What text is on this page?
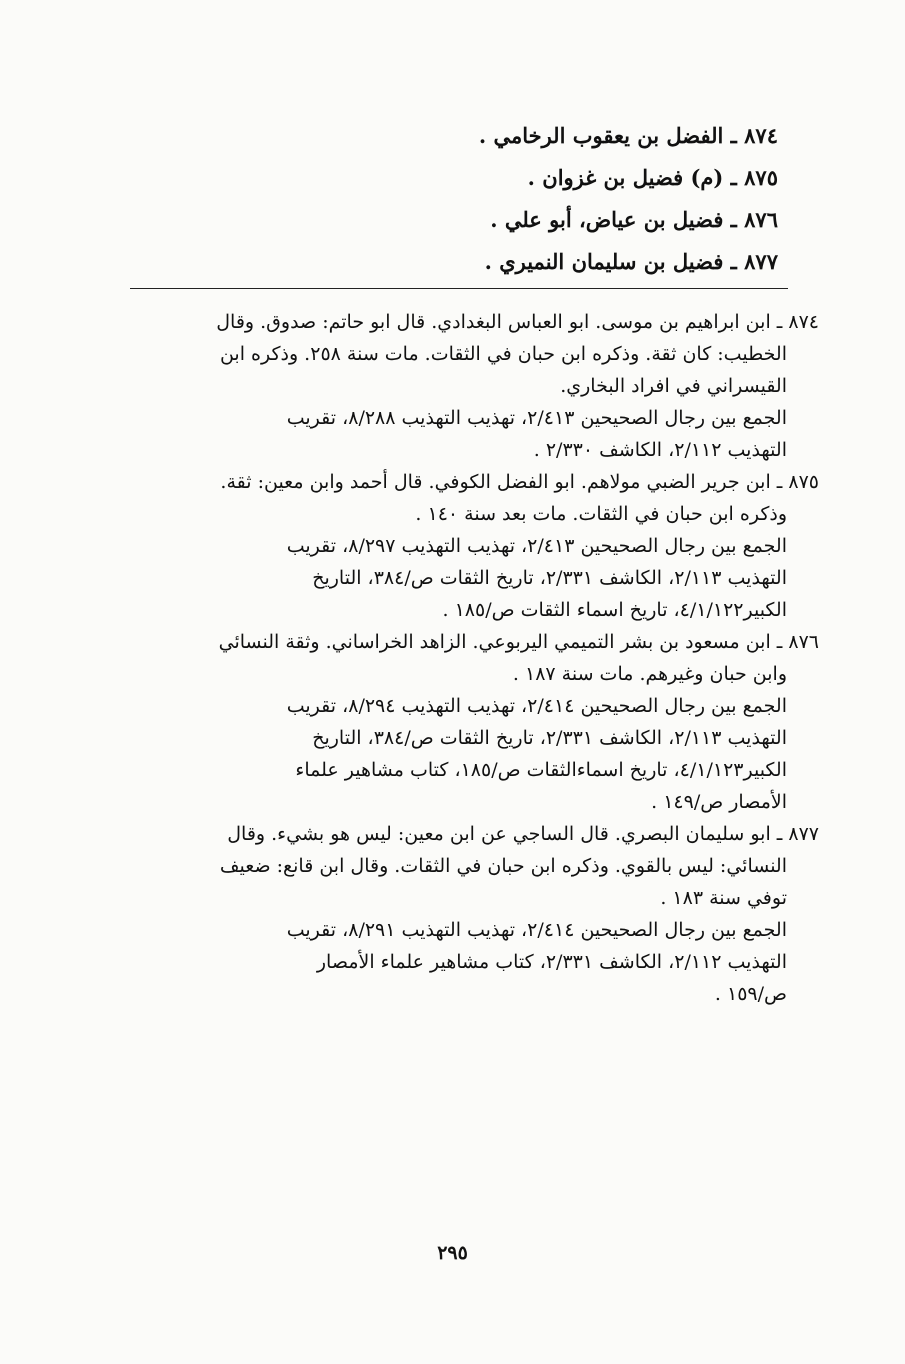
٨٧٤ ـ الفضل بن يعقوب الرخامي .
٨٧٥ ـ (م) فضيل بن غزوان .
٨٧٦ ـ فضيل بن عياض، أبو علي .
٨٧٧ ـ فضيل بن سليمان النميري .
٨٧٤ ـ ابن ابراهيم بن موسى. ابو العباس البغدادي. قال ابو حاتم: صدوق. وقال
الخطيب: كان ثقة. وذكره ابن حبان في الثقات. مات سنة ٢٥٨. وذكره ابن
القيسراني في افراد البخاري.
الجمع بين رجال الصحيحين ٢/٤١٣، تهذيب التهذيب ٨/٢٨٨، تقريب
التهذيب ٢/١١٢، الكاشف ٢/٣٣٠ .
٨٧٥ ـ ابن جرير الضبي مولاهم. ابو الفضل الكوفي. قال أحمد وابن معين: ثقة.
وذكره ابن حبان في الثقات. مات بعد سنة ١٤٠ .
الجمع بين رجال الصحيحين ٢/٤١٣، تهذيب التهذيب ٨/٢٩٧، تقريب
التهذيب ٢/١١٣، الكاشف ٢/٣٣١، تاريخ الثقات ص/٣٨٤، التاريخ
الكبير٤/١/١٢٢، تاريخ اسماء الثقات ص/١٨٥ .
٨٧٦ ـ ابن مسعود بن بشر التميمي اليربوعي. الزاهد الخراساني. وثقة النسائي
وابن حبان وغيرهم. مات سنة ١٨٧ .
الجمع بين رجال الصحيحين ٢/٤١٤، تهذيب التهذيب ٨/٢٩٤، تقريب
التهذيب ٢/١١٣، الكاشف ٢/٣٣١، تاريخ الثقات ص/٣٨٤، التاريخ
الكبير٤/١/١٢٣، تاريخ اسماءالثقات ص/١٨٥، كتاب مشاهير علماء
الأمصار ص/١٤٩ .
٨٧٧ ـ ابو سليمان البصري. قال الساجي عن ابن معين: ليس هو بشيء. وقال
النسائي: ليس بالقوي. وذكره ابن حبان في الثقات. وقال ابن قانع: ضعيف
توفي سنة ١٨٣ .
الجمع بين رجال الصحيحين ٢/٤١٤، تهذيب التهذيب ٨/٢٩١، تقريب
التهذيب ٢/١١٢، الكاشف ٢/٣٣١، كتاب مشاهير علماء الأمصار
ص/١٥٩ .
٢٩٥
